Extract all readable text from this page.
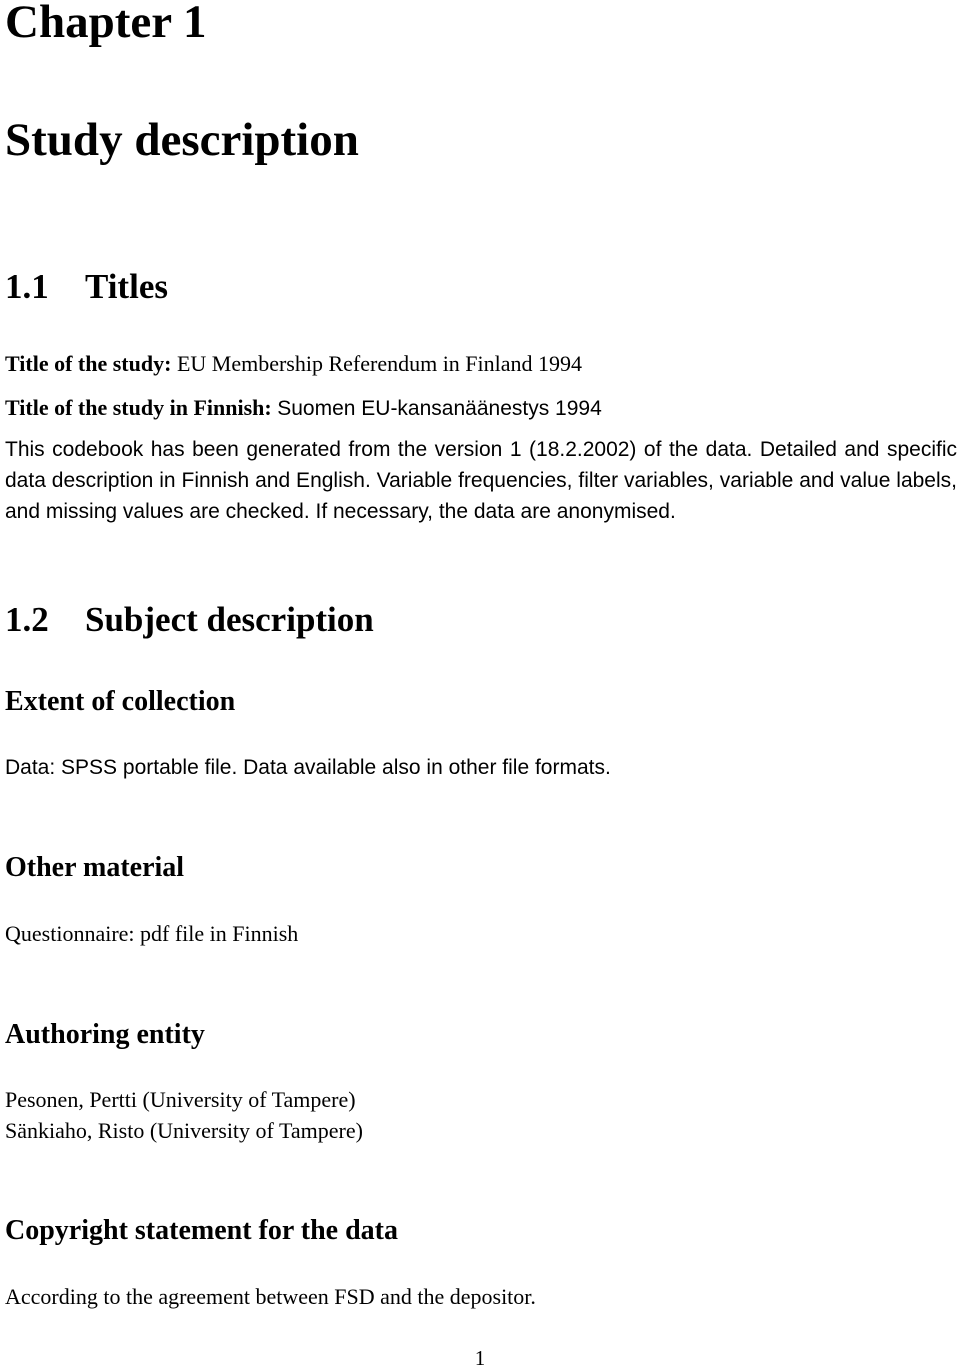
Chapter 1
Study description
1.1 Titles

Title of the study: EU Membership Referendum in Finland 1994

Title of the study in Finnish: Suomen EU-kansanäänestys 1994

This codebook has been generated from the version 1 (18.2.2002) of the data. Detailed and specific data description in Finnish and English. Variable frequencies, filter variables, variable and value labels, and missing values are checked. If necessary, the data are anonymised.

1.2 Subject description
Extent of collection

Data: SPSS portable file. Data available also in other file formats.

Other material

Questionnaire: pdf file in Finnish

Authoring entity

Pesonen, Pertti (University of Tampere)

Sänkiaho, Risto (University of Tampere)

Copyright statement for the data

According to the agreement between FSD and the depositor.

1
